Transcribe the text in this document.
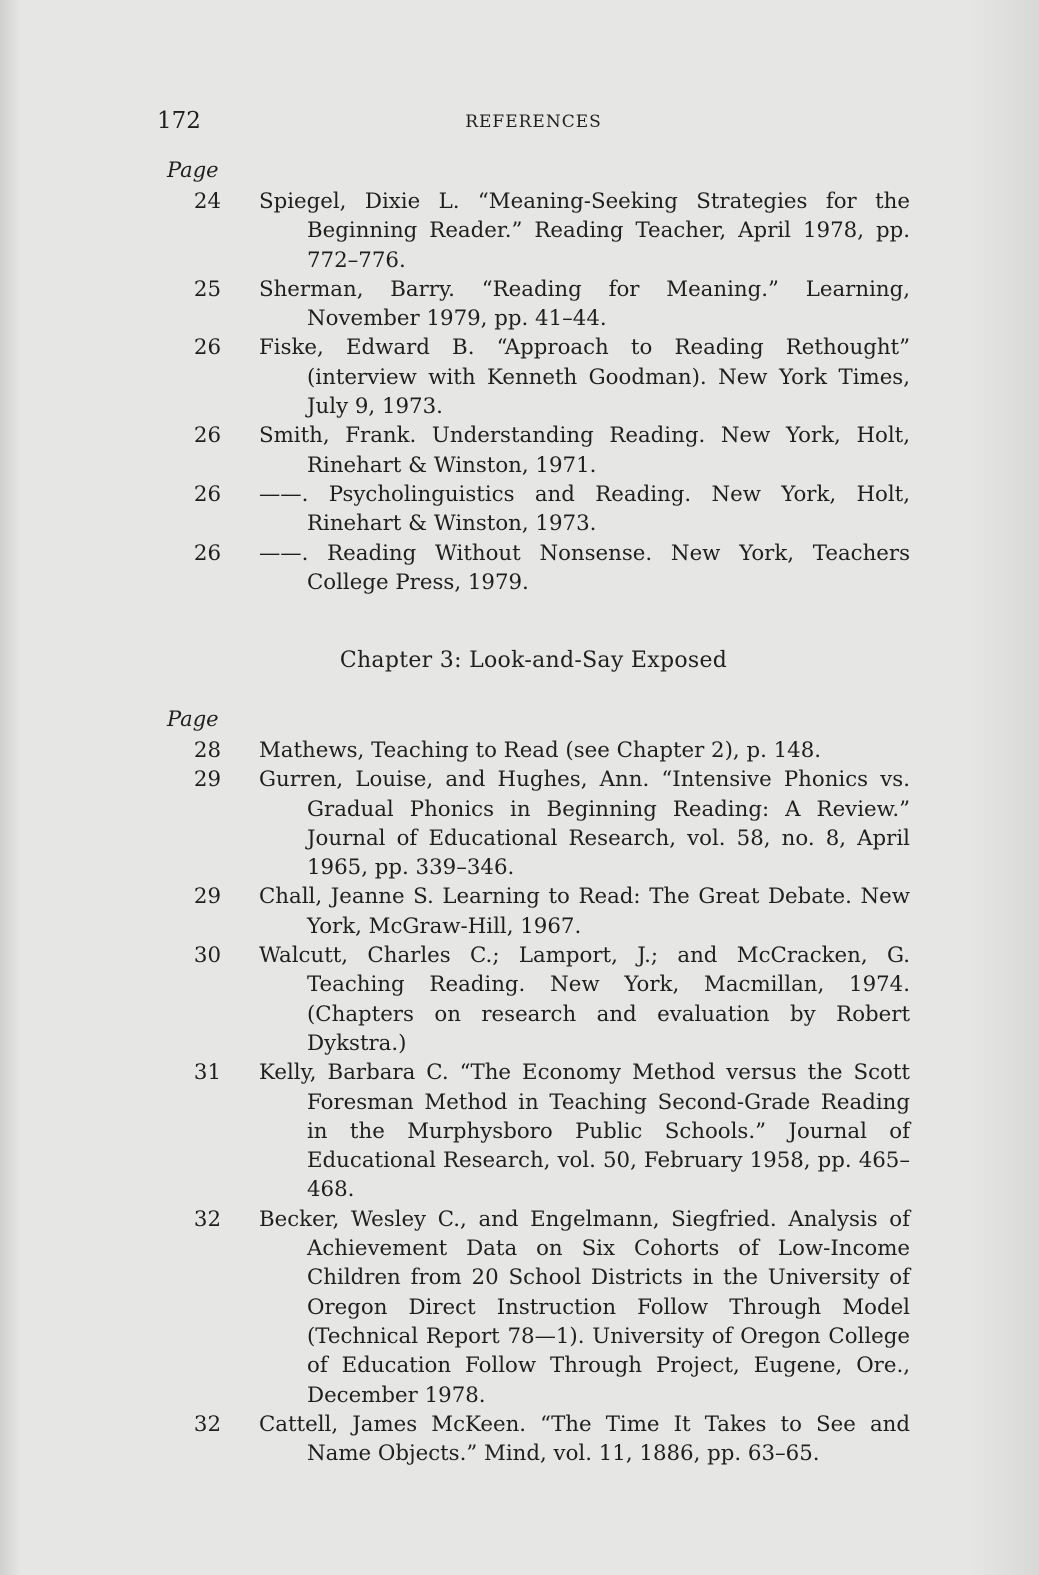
172	REFERENCES
Page

24 Spiegel, Dixie L. “Meaning-Seeking Strategies for the Beginning Reader.” Reading Teacher, April 1978, pp. 772–776.

25 Sherman, Barry. “Reading for Meaning.” Learning, November 1979, pp. 41–44.

26 Fiske, Edward B. “Approach to Reading Rethought” (interview with Kenneth Goodman). New York Times, July 9, 1973.

26 Smith, Frank. Understanding Reading. New York, Holt, Rinehart & Winston, 1971.

26 ——. Psycholinguistics and Reading. New York, Holt, Rinehart & Winston, 1973.

26 ——. Reading Without Nonsense. New York, Teachers College Press, 1979.

Chapter 3: Look-and-Say Exposed
Page

28 Mathews, Teaching to Read (see Chapter 2), p. 148.

29 Gurren, Louise, and Hughes, Ann. “Intensive Phonics vs. Gradual Phonics in Beginning Reading: A Review.” Journal of Educational Research, vol. 58, no. 8, April 1965, pp. 339–346.

29 Chall, Jeanne S. Learning to Read: The Great Debate. New York, McGraw-Hill, 1967.

30 Walcutt, Charles C.; Lamport, J.; and McCracken, G. Teaching Reading. New York, Macmillan, 1974. (Chapters on research and evaluation by Robert Dykstra.)

31 Kelly, Barbara C. “The Economy Method versus the Scott Foresman Method in Teaching Second-Grade Reading in the Murphysboro Public Schools.” Journal of Educational Research, vol. 50, February 1958, pp. 465–468.

32 Becker, Wesley C., and Engelmann, Siegfried. Analysis of Achievement Data on Six Cohorts of Low-Income Children from 20 School Districts in the University of Oregon Direct Instruction Follow Through Model (Technical Report 78—1). University of Oregon College of Education Follow Through Project, Eugene, Ore., December 1978.

32 Cattell, James McKeen. “The Time It Takes to See and Name Objects.” Mind, vol. 11, 1886, pp. 63–65.
